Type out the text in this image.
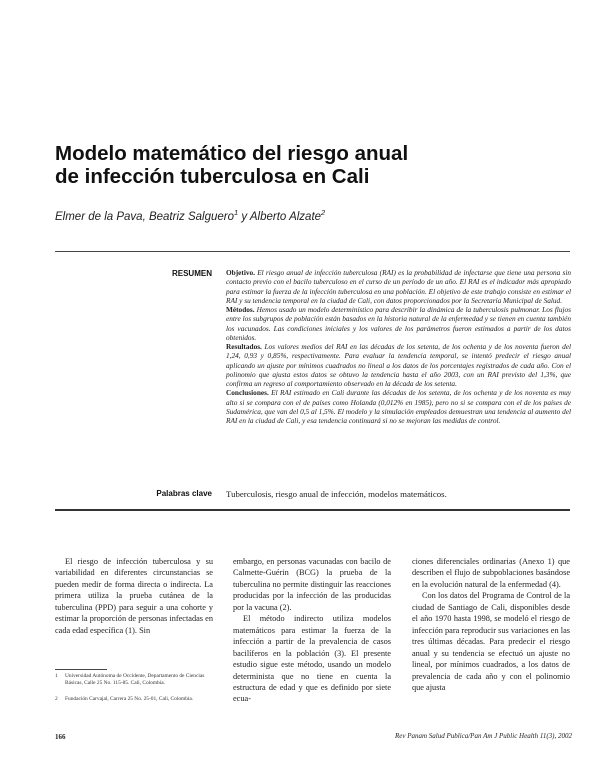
Modelo matemático del riesgo anual
de infección tuberculosa en Cali
Elmer de la Pava, Beatriz Salguero$^1$ y Alberto Alzate$^2$
RESUMEN Objetivo. El riesgo anual de infección tuberculosa (RAI) es la probabilidad de infectarse que tiene una persona sin contacto previo con el bacilo tuberculoso en el curso de un período de un año. El RAI es el indicador más apropiado para estimar la fuerza de la infección tuberculosa en una población. El objetivo de este trabajo consiste en estimar el RAI y su tendencia temporal en la ciudad de Cali, con datos proporcionados por la Secretaría Municipal de Salud.

Métodos. Hemos usado un modelo determinístico para describir la dinámica de la tuberculosis pulmonar. Los flujos entre los subgrupos de población están basados en la historia natural de la enfermedad y se tienen en cuenta también los vacunados. Las condiciones iniciales y los valores de los parámetros fueron estimados a partir de los datos obtenidos.

Resultados. Los valores medios del RAI en las décadas de los setenta, de los ochenta y de los noventa fueron del 1,24, 0,93 y 0,85%, respectivamente. Para evaluar la tendencia temporal, se intentó predecir el riesgo anual aplicando un ajuste por mínimos cuadrados no lineal a los datos de los porcentajes registrados de cada año. Con el polinomio que ajusta estos datos se obtuvo la tendencia hasta el año 2003, con un RAI previsto del 1,3%, que confirma un regreso al comportamiento observado en la década de los setenta.

Conclusiones. El RAI estimado en Cali durante las décadas de los setenta, de los ochenta y de los noventa es muy alto si se compara con el de países como Holanda (0,012% en 1985), pero no si se compara con el de los países de Sudamérica, que van del 0,5 al 1,5%. El modelo y la simulación empleados demuestran una tendencia al aumento del RAI en la ciudad de Cali, y esa tendencia continuará si no se mejoran las medidas de control.

Palabras clave Tuberculosis, riesgo anual de infección, modelos matemáticos.

El riesgo de infección tuberculosa y su variabilidad en diferentes circunstancias se pueden medir de forma directa o indirecta. La primera utiliza la prueba cutánea de la tuberculina (PPD) para seguir a una cohorte y estimar la proporción de personas infectadas en cada edad específica (1). Sin

embargo, en personas vacunadas con bacilo de Calmette-Guérin (BCG) la prueba de la tuberculina no permite distinguir las reacciones producidas por la infección de las producidas por la vacuna (2).

El método indirecto utiliza modelos matemáticos para estimar la fuerza de la infección a partir de la prevalencia de casos bacilíferos en la población (3). El presente estudio sigue este método, usando un modelo determinista que no tiene en cuenta la estructura de edad y que es definido por siete ecua-

ciones diferenciales ordinarias (Anexo 1) que describen el flujo de subpoblaciones basándose en la evolución natural de la enfermedad (4).

Con los datos del Programa de Control de la ciudad de Santiago de Cali, disponibles desde el año 1970 hasta 1998, se modeló el riesgo de infección para reproducir sus variaciones en las tres últimas décadas. Para predecir el riesgo anual y su tendencia se efectuó un ajuste no lineal, por mínimos cuadrados, a los datos de prevalencia de cada año y con el polinomio que ajusta

1	Universidad Autónoma de Occidente, Departamento de Ciencias Básicas, Calle 25 No. 115-85. Cali, Colombia.
2	Fundación Carvajal, Carrera 25 No. 25-01, Cali, Colombia.
166	Rev Panam Salud Publica/Pan Am J Public Health 11(3), 2002
